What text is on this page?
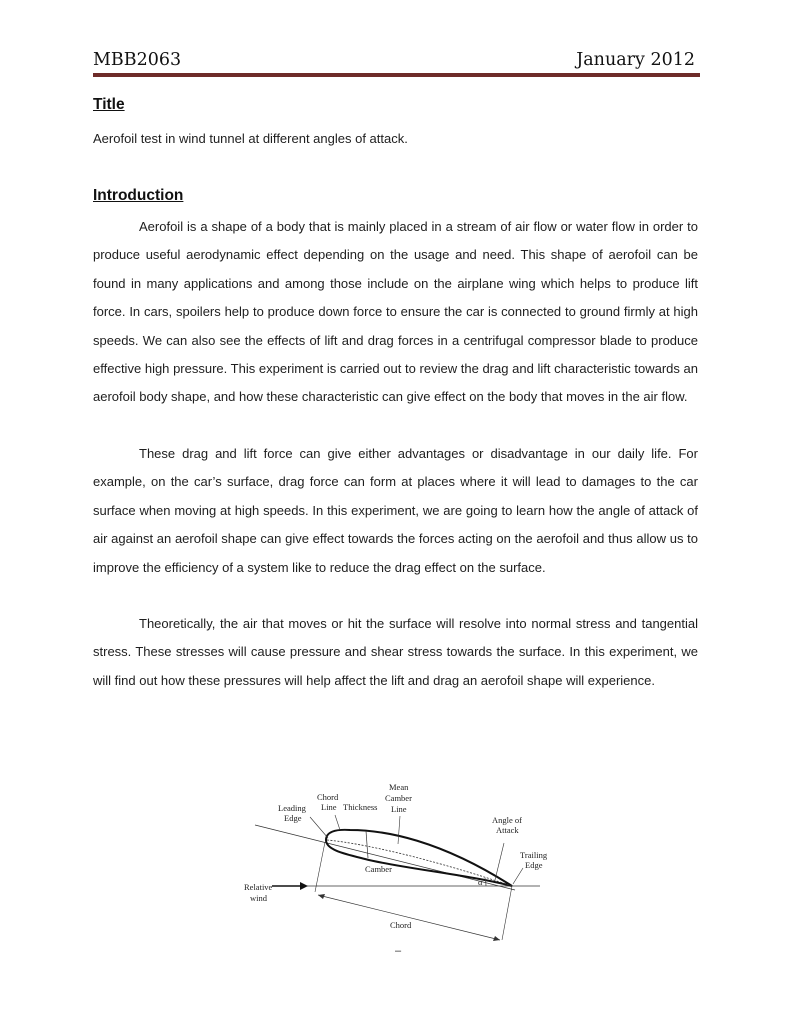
MBB2063	January 2012
Title
Aerofoil test in wind tunnel at different angles of attack.
Introduction

Aerofoil is a shape of a body that is mainly placed in a stream of air flow or water flow in order to produce useful aerodynamic effect depending on the usage and need. This shape of aerofoil can be found in many applications and among those include on the airplane wing which helps to produce lift force. In cars, spoilers help to produce down force to ensure the car is connected to ground firmly at high speeds. We can also see the effects of lift and drag forces in a centrifugal compressor blade to produce effective high pressure. This experiment is carried out to review the drag and lift characteristic towards an aerofoil body shape, and how these characteristic can give effect on the body that moves in the air flow.

These drag and lift force can give either advantages or disadvantage in our daily life. For example, on the car’s surface, drag force can form at places where it will lead to damages to the car surface when moving at high speeds. In this experiment, we are going to learn how the angle of attack of air against an aerofoil shape can give effect towards the forces acting on the aerofoil and thus allow us to improve the efficiency of a system like to reduce the drag effect on the surface.

Theoretically, the air that moves or hit the surface will resolve into normal stress and tangential stress. These stresses will cause pressure and shear stress towards the surface. In this experiment, we will find out how these pressures will help affect the lift and drag an aerofoil shape will experience.

Leading
Edge
Chord
Line Thickness
Mean
Camber
Line
Angle of
Attack
Trailing
Edge
Camber
α
Relative
wind
Chord
–
